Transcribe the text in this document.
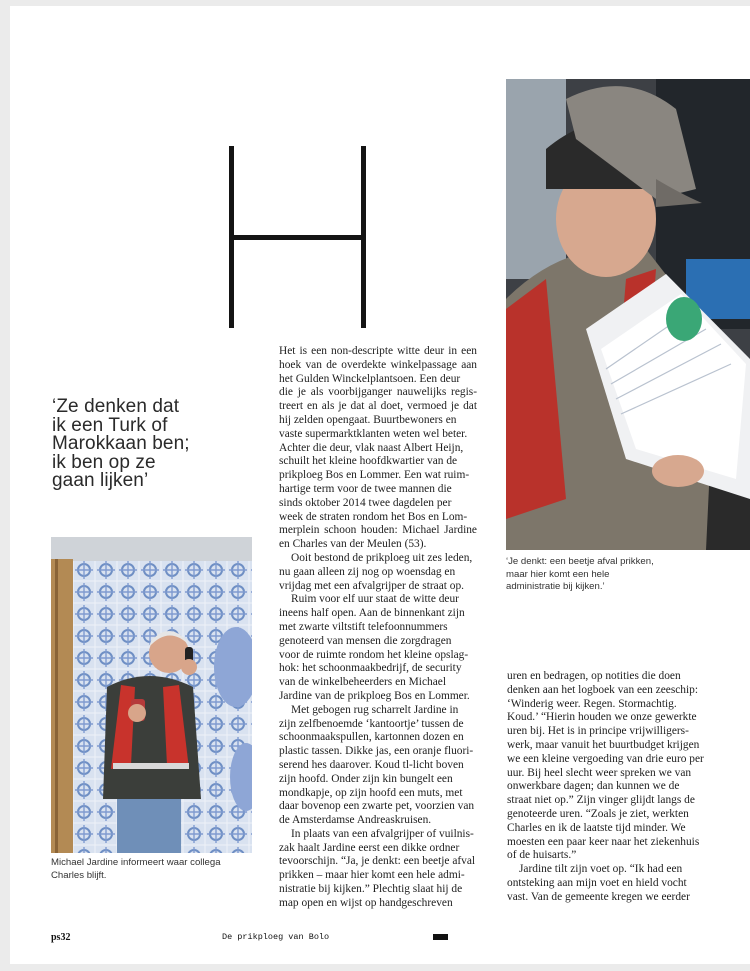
‘Ze denken dat
ik een Turk of
Marokkaan ben;
ik ben op ze
gaan lijken’
‘Je denkt: een beetje afval prikken,
maar hier komt een hele
administratie bij kijken.’
Michael Jardine informeert waar collega
Charles blijft.
Het is een non-descripte witte deur in een
hoek van de overdekte winkelpassage aan
het Gulden Winckelplantsoen. Een deur
die je als voorbijganger nauwelijks regis-
treert en als je dat al doet, vermoed je dat
hij zelden opengaat. Buurtbewoners en
vaste supermarktklanten weten wel beter.
Achter die deur, vlak naast Albert Heijn,
schuilt het kleine hoofdkwartier van de
prikploeg Bos en Lommer. Een wat ruim-
hartige term voor de twee mannen die
sinds oktober 2014 twee dagdelen per
week de straten rondom het Bos en Lom-
merplein schoon houden: Michael Jardine
en Charles van der Meulen (53).
Ooit bestond de prikploeg uit zes leden,
nu gaan alleen zij nog op woensdag en
vrijdag met een afvalgrijper de straat op.
Ruim voor elf uur staat de witte deur
ineens half open. Aan de binnenkant zijn
met zwarte viltstift telefoonnummers
genoteerd van mensen die zorgdragen
voor de ruimte rondom het kleine opslag-
hok: het schoonmaakbedrijf, de security
van de winkelbeheerders en Michael
Jardine van de prikploeg Bos en Lommer.
Met gebogen rug scharrelt Jardine in
zijn zelfbenoemde ‘kantoortje’ tussen de
schoonmaakspullen, kartonnen dozen en
plastic tassen. Dikke jas, een oranje fluori-
serend hes daarover. Koud tl-licht boven
zijn hoofd. Onder zijn kin bungelt een
mondkapje, op zijn hoofd een muts, met
daar bovenop een zwarte pet, voorzien van
de Amsterdamse Andreaskruisen.
In plaats van een afvalgrijper of vuilnis-
zak haalt Jardine eerst een dikke ordner
tevoorschijn. “Ja, je denkt: een beetje afval
prikken – maar hier komt een hele admi-
nistratie bij kijken.” Plechtig slaat hij de
map open en wijst op handgeschreven
uren en bedragen, op notities die doen
denken aan het logboek van een zeeschip:
‘Winderig weer. Regen. Stormachtig.
Koud.’ “Hierin houden we onze gewerkte
uren bij. Het is in principe vrijwilligers-
werk, maar vanuit het buurtbudget krijgen
we een kleine vergoeding van drie euro per
uur. Bij heel slecht weer spreken we van
onwerkbare dagen; dan kunnen we de
straat niet op.” Zijn vinger glijdt langs de
genoteerde uren. “Zoals je ziet, werkten
Charles en ik de laatste tijd minder. We
moesten een paar keer naar het ziekenhuis
of de huisarts.”
Jardine tilt zijn voet op. “Ik had een
ontsteking aan mijn voet en hield vocht
vast. Van de gemeente kregen we eerder
ps32	De prikploeg van Bolo
